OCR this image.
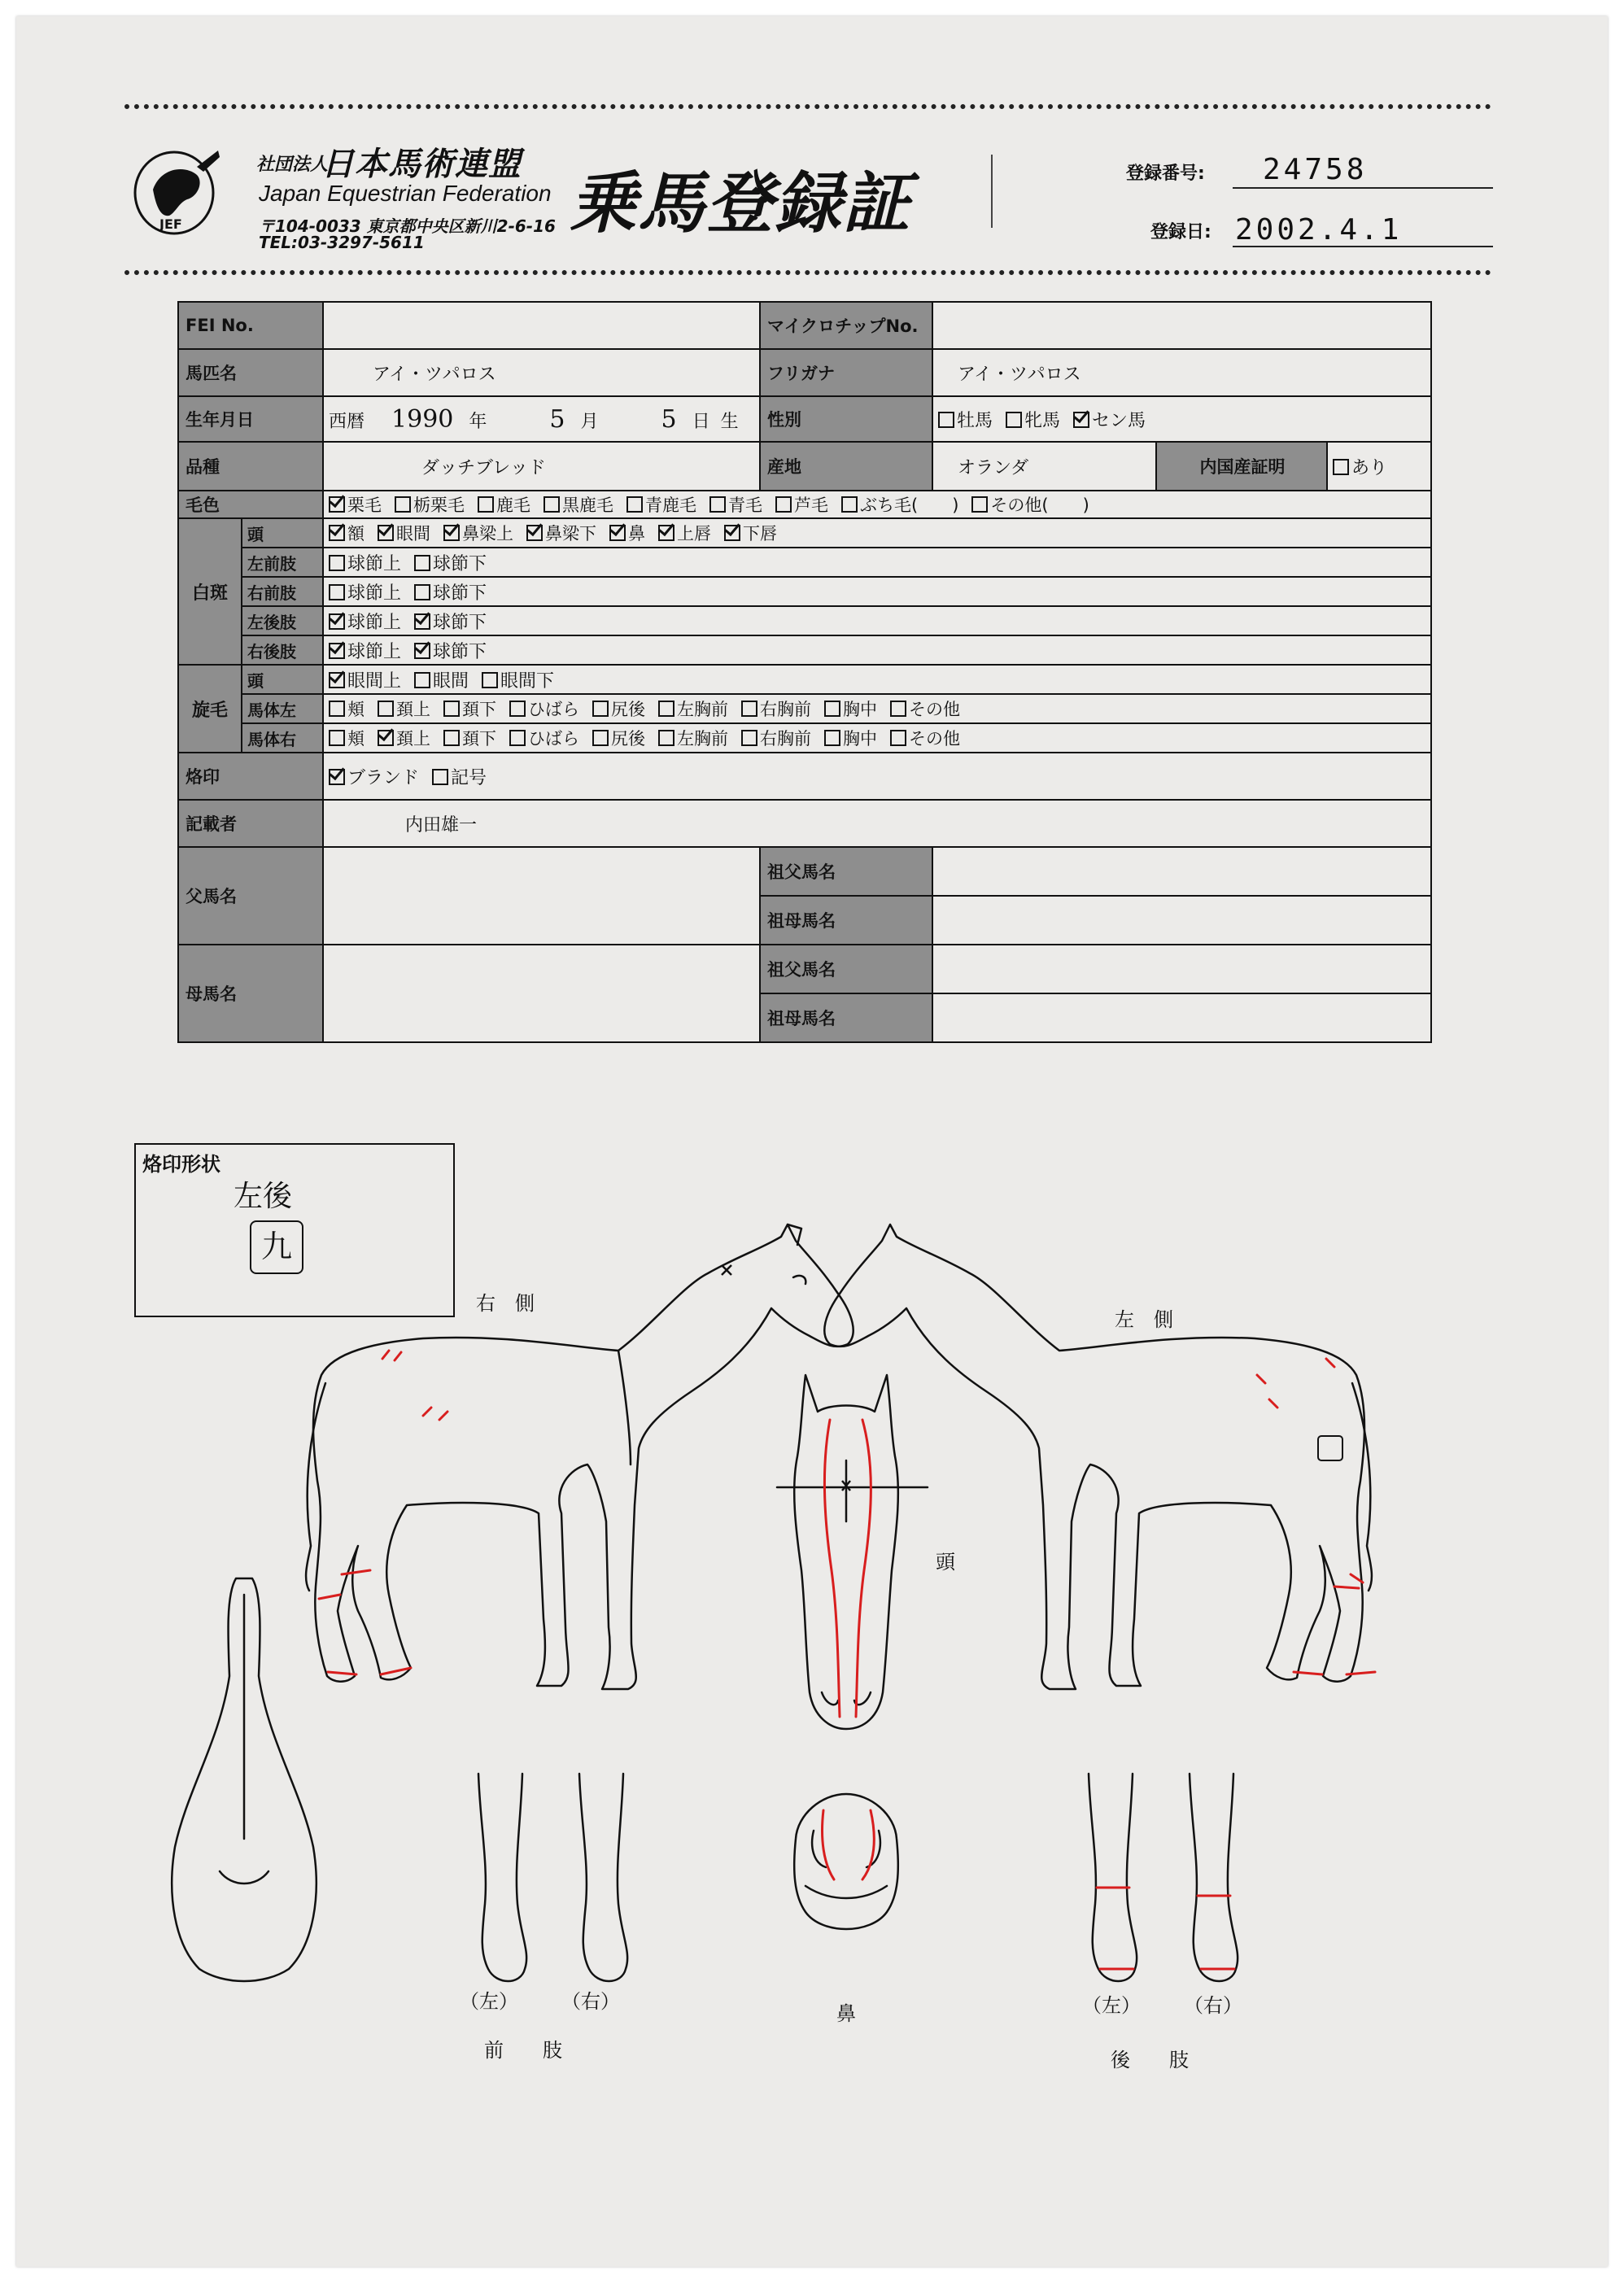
JEF
社団法人
日本馬術連盟
Japan Equestrian Federation
〒104-0033 東京都中央区新川2-6-16
TEL:03-3297-5611 乗馬登録証	登録番号: 24758
登録日: 2002.4.1
FEI No.			マイクロチップNo.			
馬匹名		アイ・ツパロス	フリガナ	アイ・ツパロス		
生年月日		西暦 1990 年 5 月 5 日 生	性別	牡馬 牝馬 セン馬		
品種		ダッチブレッド	産地	オランダ	内国産証明	あり
毛色		栗毛 栃栗毛 鹿毛 黒鹿毛 青鹿毛 青毛 芦毛 ぶち毛(　　) その他(　　)				
白斑	頭	額 眼間 鼻梁上 鼻梁下 鼻 上唇 下唇				
	左前肢	球節上 球節下				
	右前肢	球節上 球節下				
	左後肢	球節上 球節下				
	右後肢	球節上 球節下				
旋毛	頭	眼間上 眼間 眼間下				
	馬体左	頬 頚上 頚下 ひばら 尻後 左胸前 右胸前 胸中 その他				
	馬体右	頬 頚上 頚下 ひばら 尻後 左胸前 右胸前 胸中 その他				
烙印		ブランド 記号				
記載者		内田雄一				
父馬名			祖父馬名			
			祖母馬名			
母馬名			祖父馬名			
			祖母馬名			
烙印形状
左後
九
右　側
左　側
頭
鼻
（左） （右）
前　　肢
（左） （右）
後　　肢
